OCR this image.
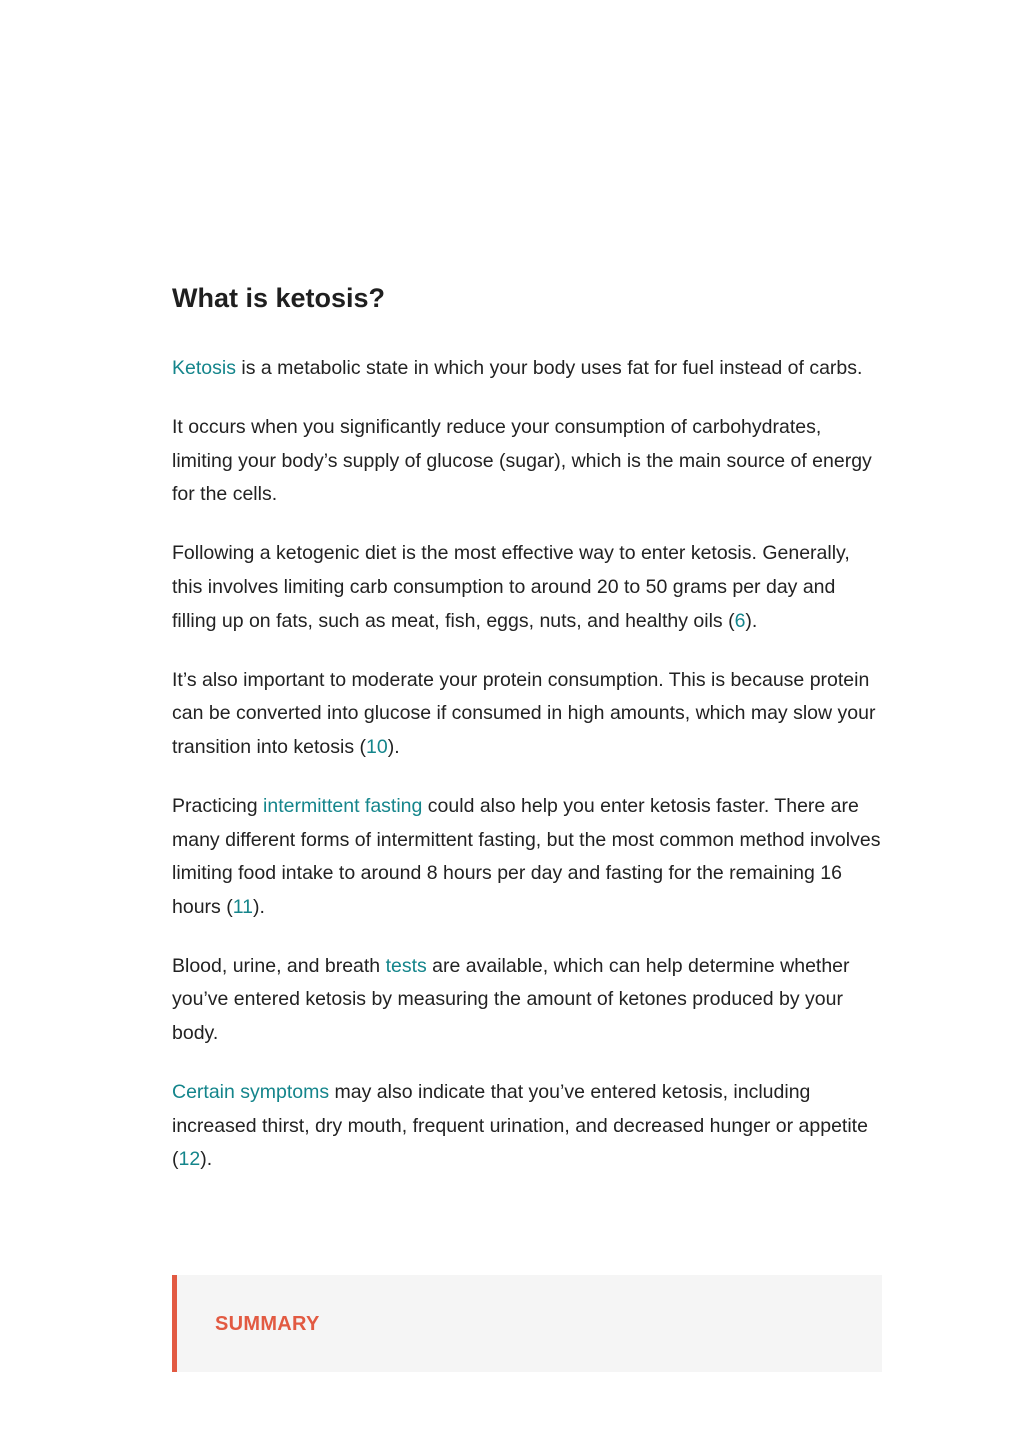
What is ketosis?

Ketosis is a metabolic state in which your body uses fat for fuel instead of carbs.

It occurs when you significantly reduce your consumption of carbohydrates, limiting your body’s supply of glucose (sugar), which is the main source of energy for the cells.

Following a ketogenic diet is the most effective way to enter ketosis. Generally, this involves limiting carb consumption to around 20 to 50 grams per day and filling up on fats, such as meat, fish, eggs, nuts, and healthy oils (6).

It’s also important to moderate your protein consumption. This is because protein can be converted into glucose if consumed in high amounts, which may slow your transition into ketosis (10).

Practicing intermittent fasting could also help you enter ketosis faster. There are many different forms of intermittent fasting, but the most common method involves limiting food intake to around 8 hours per day and fasting for the remaining 16 hours (11).

Blood, urine, and breath tests are available, which can help determine whether you’ve entered ketosis by measuring the amount of ketones produced by your body.

Certain symptoms may also indicate that you’ve entered ketosis, including increased thirst, dry mouth, frequent urination, and decreased hunger or appetite (12).

SUMMARY
